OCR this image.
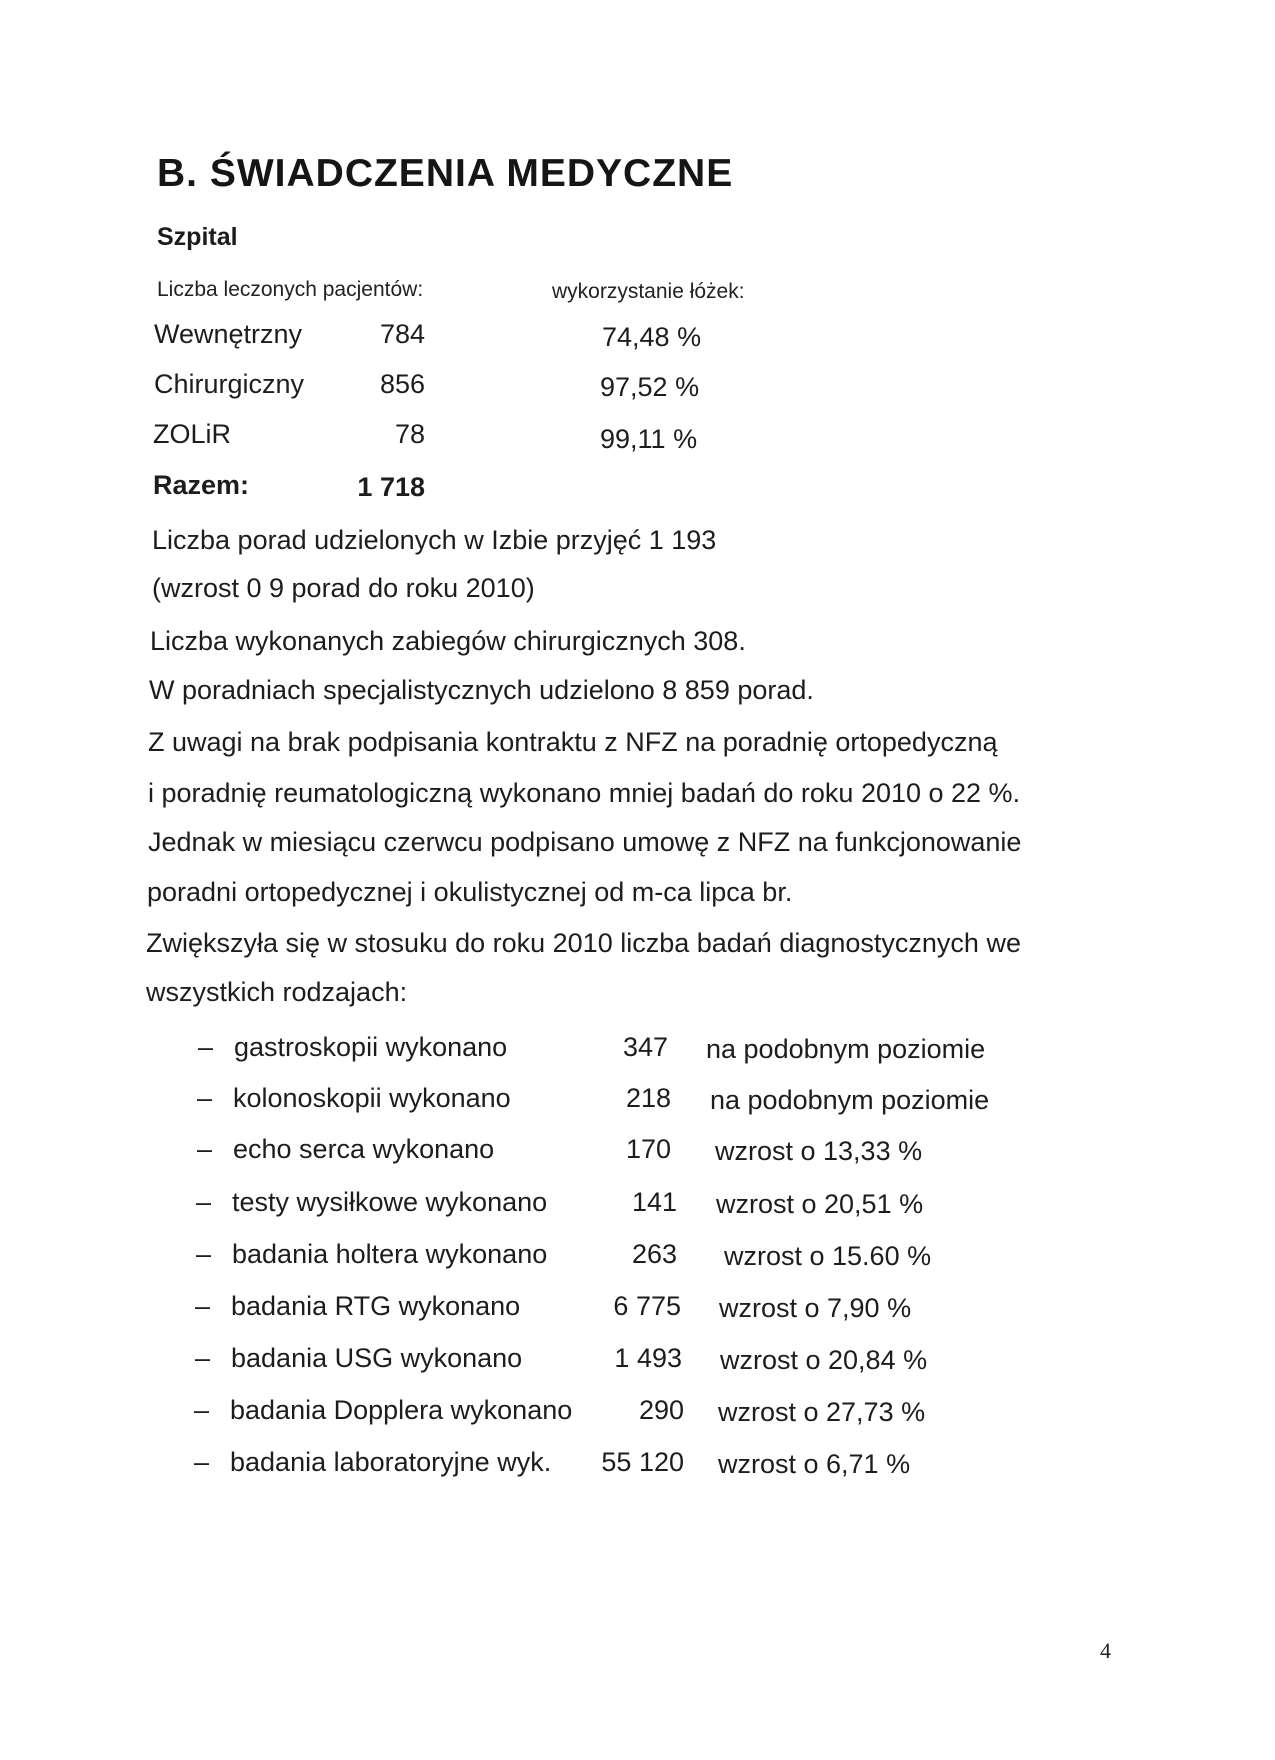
B. ŚWIADCZENIA MEDYCZNE
Szpital
Liczba leczonych pacjentów:	wykorzystanie łóżek:
Wewnętrzny	784	74,48 %
Chirurgiczny	856	97,52 %
ZOLiR	78	99,11 %
Razem:	1 718
Liczba porad udzielonych w Izbie przyjęć 1 193
(wzrost 0 9 porad do roku 2010)
Liczba wykonanych zabiegów chirurgicznych 308.
W poradniach specjalistycznych udzielono 8 859 porad.
Z uwagi na brak podpisania kontraktu z NFZ na poradnię ortopedyczną
i poradnię reumatologiczną wykonano mniej badań do roku 2010 o 22 %.
Jednak w miesiącu czerwcu podpisano umowę z NFZ na funkcjonowanie
poradni ortopedycznej i okulistycznej od m-ca lipca br.
Zwiększyła się w stosuku do roku 2010 liczba badań diagnostycznych we
wszystkich rodzajach:
– gastroskopii wykonano	347 na podobnym poziomie
– kolonoskopii wykonano	218 na podobnym poziomie
– echo serca wykonano	170 wzrost o 13,33 %
– testy wysiłkowe wykonano	141 wzrost o 20,51 %
– badania holtera wykonano	263 wzrost o 15.60 %
– badania RTG wykonano	6 775 wzrost o 7,90 %
– badania USG wykonano	1 493 wzrost o 20,84 %
– badania Dopplera wykonano	290 wzrost o 27,73 %
– badania laboratoryjne wyk.	55 120 wzrost o 6,71 %
4
